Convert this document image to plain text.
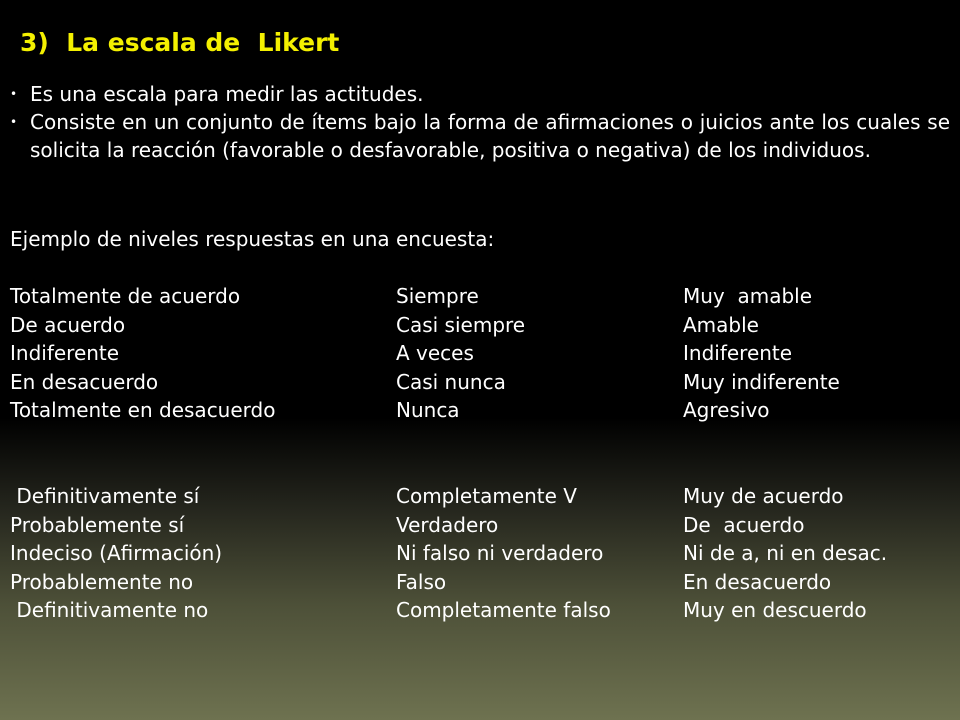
3)  La escala de  Likert
• Es una escala para medir las actitudes.
• Consiste en un conjunto de ítems bajo la forma de afirmaciones o juicios ante los cuales se solicita la reacción (favorable o desfavorable, positiva o negativa) de los individuos.
Ejemplo de niveles respuestas en una encuesta:
Totalmente de acuerdo	Siempre	Muy  amable
De acuerdo	Casi siempre	Amable
Indiferente	A veces	Indiferente
En desacuerdo	Casi nunca	Muy indiferente
Totalmente en desacuerdo	Nunca	Agresivo
Definitivamente sí	Completamente V	Muy de acuerdo
Probablemente sí	Verdadero	De  acuerdo
Indeciso (Afirmación)	Ni falso ni verdadero	Ni de a, ni en desac.
Probablemente no	Falso	En desacuerdo
Definitivamente no	Completamente falso	Muy en descuerdo
